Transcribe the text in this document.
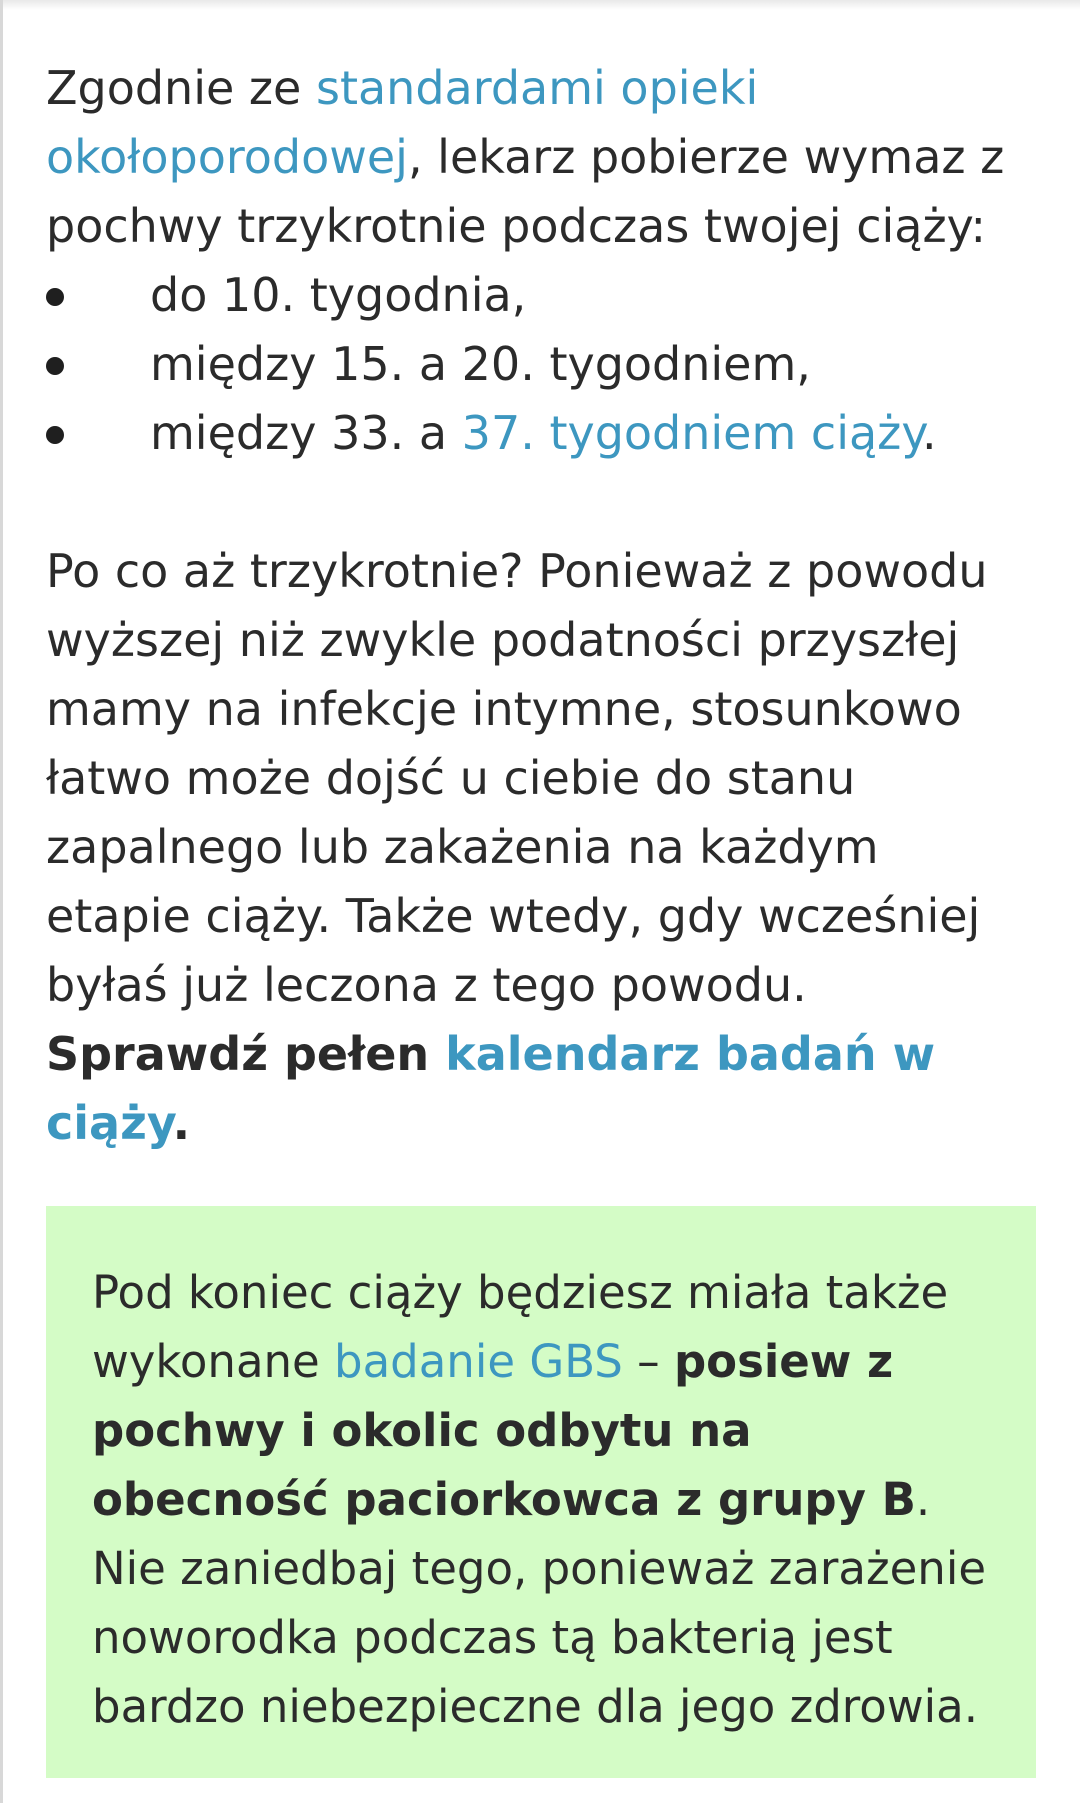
Zgodnie ze standardami opieki okołoporodowej, lekarz pobierze wymaz z pochwy trzykrotnie podczas twojej ciąży:

do 10. tygodnia,
między 15. a 20. tygodniem,
między 33. a 37. tygodniem ciąży.

Po co aż trzykrotnie? Ponieważ z powodu wyższej niż zwykle podatności przyszłej mamy na infekcje intymne, stosunkowo łatwo może dojść u ciebie do stanu zapalnego lub zakażenia na każdym etapie ciąży. Także wtedy, gdy wcześniej byłaś już leczona z tego powodu. Sprawdź pełen kalendarz badań w ciąży.

Pod koniec ciąży będziesz miała także wykonane badanie GBS – posiew z pochwy i okolic odbytu na obecność paciorkowca z grupy B. Nie zaniedbaj tego, ponieważ zarażenie noworodka podczas tą bakterią jest bardzo niebezpieczne dla jego zdrowia.
